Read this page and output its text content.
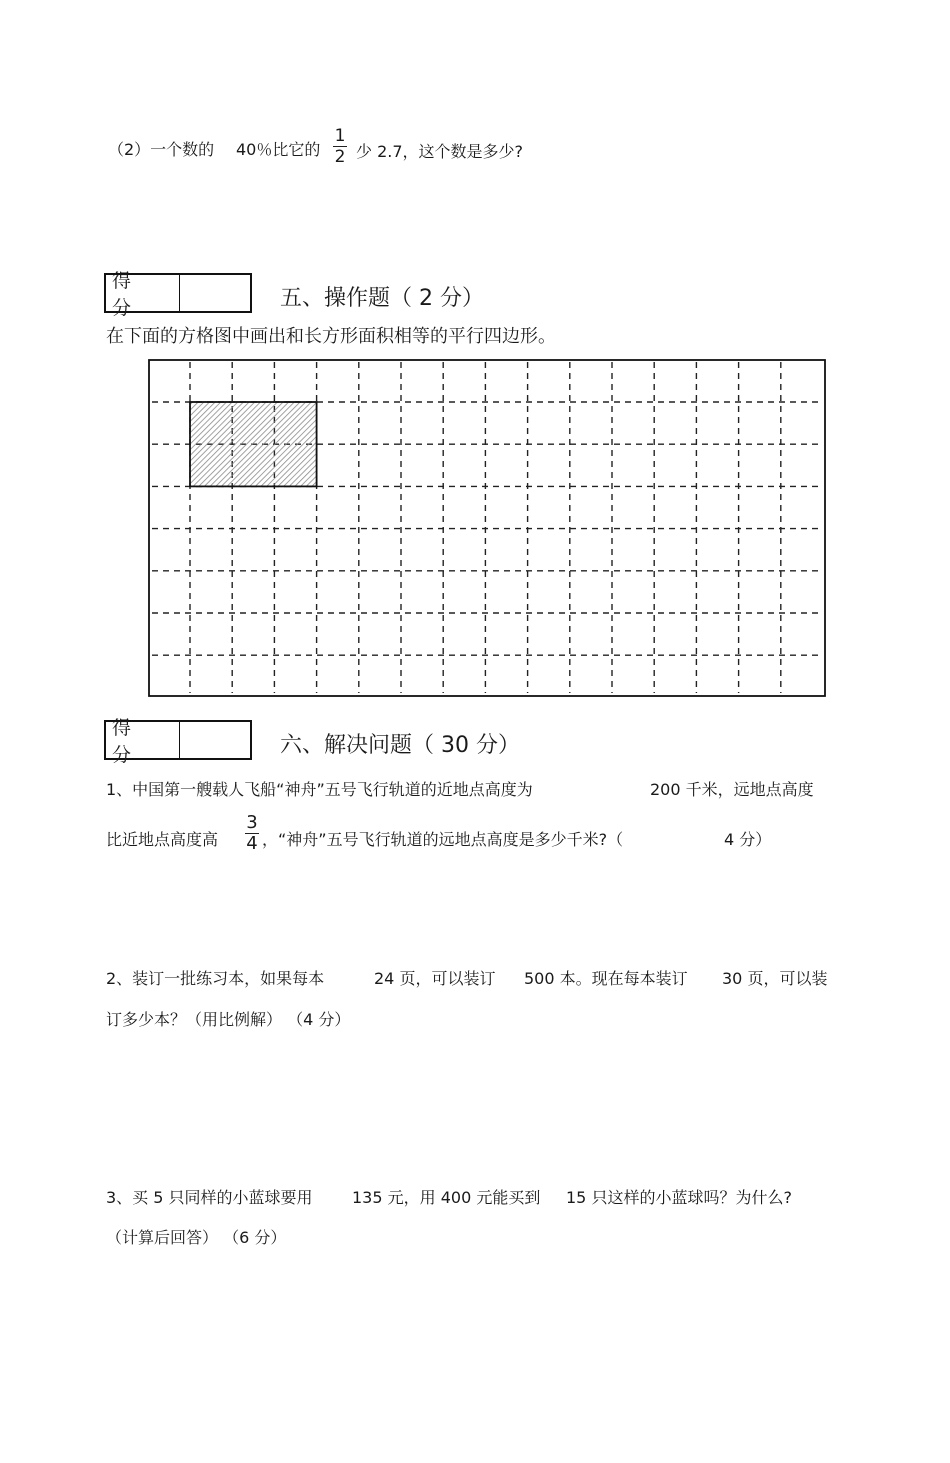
（2）一个数的 40％比它的
1
2 少 2.7，这个数是多少?
得 分	五、操作题（ 2 分）
在下面的方格图中画出和长方形面积相等的平行四边形。
得 分	六、解决问题（ 30 分）
1、中国第一艘载人飞船“神舟”五号飞行轨道的近地点高度为	200 千米，远地点高度
比近地点高度高
3
4 ，“神舟”五号飞行轨道的远地点高度是多少千米?（	4 分）
2、装订一批练习本，如果每本	24 页，可以装订 500 本。现在每本装订 30 页，可以装
订多少本？（用比例解） （4 分）
3、买 5 只同样的小蓝球要用 135 元，用 400 元能买到 15 只这样的小蓝球吗？为什么?
（计算后回答） （6 分）
